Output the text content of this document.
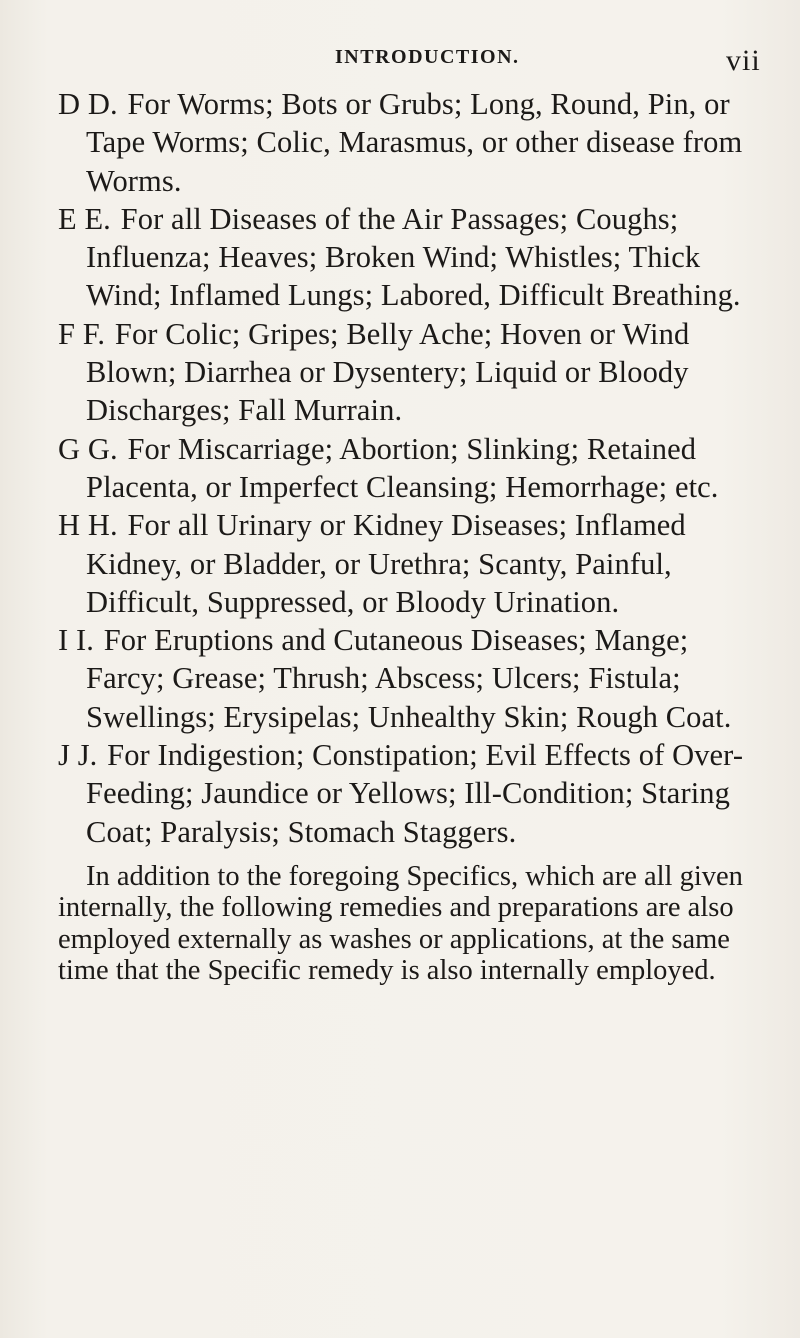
INTRODUCTION.	vii

D D. For Worms; Bots or Grubs; Long, Round, Pin, or Tape Worms; Colic, Marasmus, or other disease from Worms.

E E. For all Diseases of the Air Passages; Coughs; Influenza; Heaves; Broken Wind; Whistles; Thick Wind; Inflamed Lungs; Labored, Difficult Breathing.

F F. For Colic; Gripes; Belly Ache; Hoven or Wind Blown; Diarrhea or Dysentery; Liquid or Bloody Discharges; Fall Murrain.

G G. For Miscarriage; Abortion; Slinking; Retained Placenta, or Imperfect Cleansing; Hemorrhage; etc.

H H. For all Urinary or Kidney Diseases; Inflamed Kidney, or Bladder, or Urethra; Scanty, Painful, Difficult, Suppressed, or Bloody Urination.

I I. For Eruptions and Cutaneous Diseases; Mange; Farcy; Grease; Thrush; Abscess; Ulcers; Fistula; Swellings; Erysipelas; Unhealthy Skin; Rough Coat.

J J. For Indigestion; Constipation; Evil Effects of Over-Feeding; Jaundice or Yellows; Ill-Condition; Staring Coat; Paralysis; Stomach Staggers.

In addition to the foregoing Specifics, which are all given internally, the following remedies and preparations are also employed externally as washes or applications, at the same time that the Specific remedy is also internally employed.
